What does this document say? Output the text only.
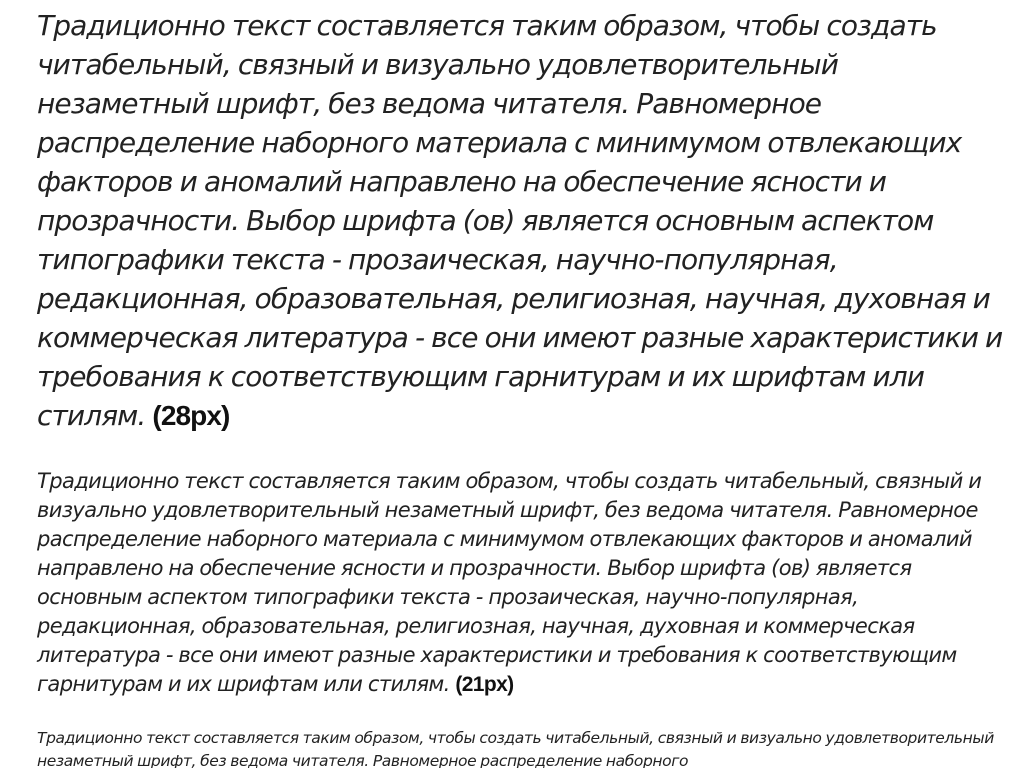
Традиционно текст составляется таким образом, чтобы создать читабельный, связный и визуально удовлетворительный незаметный шрифт, без ведома читателя. Равномерное распределение наборного материала с минимумом отвлекающих факторов и аномалий направлено на обеспечение ясности и прозрачности. Выбор шрифта (ов) является основным аспектом типографики текста - прозаическая, научно-популярная, редакционная, образовательная, религиозная, научная, духовная и коммерческая литература - все они имеют разные характеристики и требования к соответствующим гарнитурам и их шрифтам или стилям. (28px)

Традиционно текст составляется таким образом, чтобы создать читабельный, связный и визуально удовлетворительный незаметный шрифт, без ведома читателя. Равномерное распределение наборного материала с минимумом отвлекающих факторов и аномалий направлено на обеспечение ясности и прозрачности. Выбор шрифта (ов) является основным аспектом типографики текста - прозаическая, научно-популярная, редакционная, образовательная, религиозная, научная, духовная и коммерческая литература - все они имеют разные характеристики и требования к соответствующим гарнитурам и их шрифтам или стилям. (21px)

Традиционно текст составляется таким образом, чтобы создать читабельный, связный и визуально удовлетворительный незаметный шрифт, без ведома читателя. Равномерное распределение наборного
